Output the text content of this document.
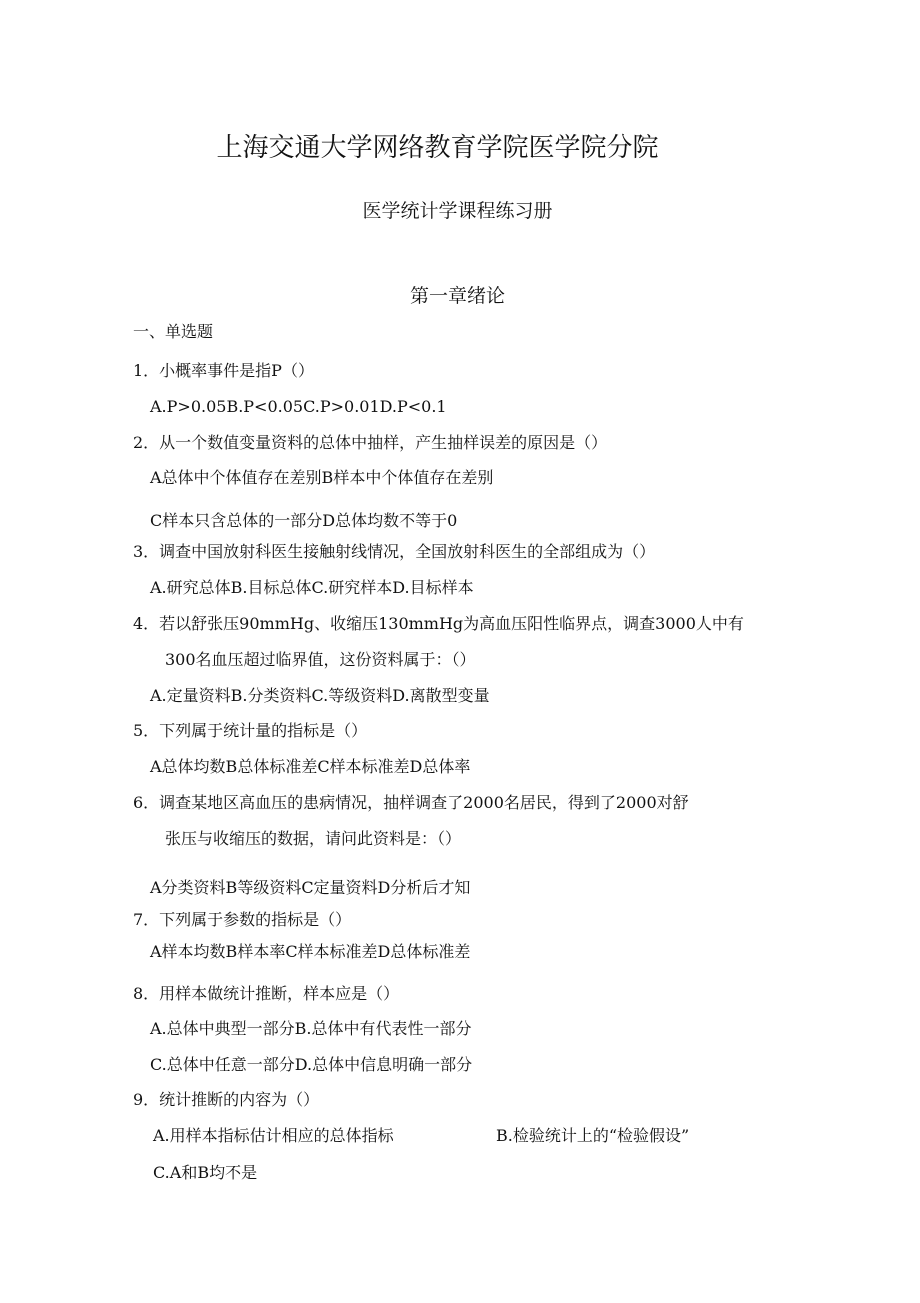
上海交通大学网络教育学院医学院分院
医学统计学课程练习册
第一章绪论
一、单选题
1．小概率事件是指P（）
A.P>0.05B.P<0.05C.P>0.01D.P<0.1
2．从一个数值变量资料的总体中抽样，产生抽样误差的原因是（）
A总体中个体值存在差别B样本中个体值存在差别
C样本只含总体的一部分D总体均数不等于0
3．调查中国放射科医生接触射线情况，全国放射科医生的全部组成为（）
A.研究总体B.目标总体C.研究样本D.目标样本
4．若以舒张压90mmHg、收缩压130mmHg为高血压阳性临界点，调查3000人中有
300名血压超过临界值，这份资料属于：（）
A.定量资料B.分类资料C.等级资料D.离散型变量
5．下列属于统计量的指标是（）
A总体均数B总体标准差C样本标准差D总体率
6．调查某地区高血压的患病情况，抽样调查了2000名居民，得到了2000对舒
张压与收缩压的数据，请问此资料是：（）
A分类资料B等级资料C定量资料D分析后才知
7．下列属于参数的指标是（）
A样本均数B样本率C样本标准差D总体标准差
8．用样本做统计推断，样本应是（）
A.总体中典型一部分B.总体中有代表性一部分
C.总体中任意一部分D.总体中信息明确一部分
9．统计推断的内容为（）
A.用样本指标估计相应的总体指标	B.检验统计上的“检验假设”
C.A和B均不是
